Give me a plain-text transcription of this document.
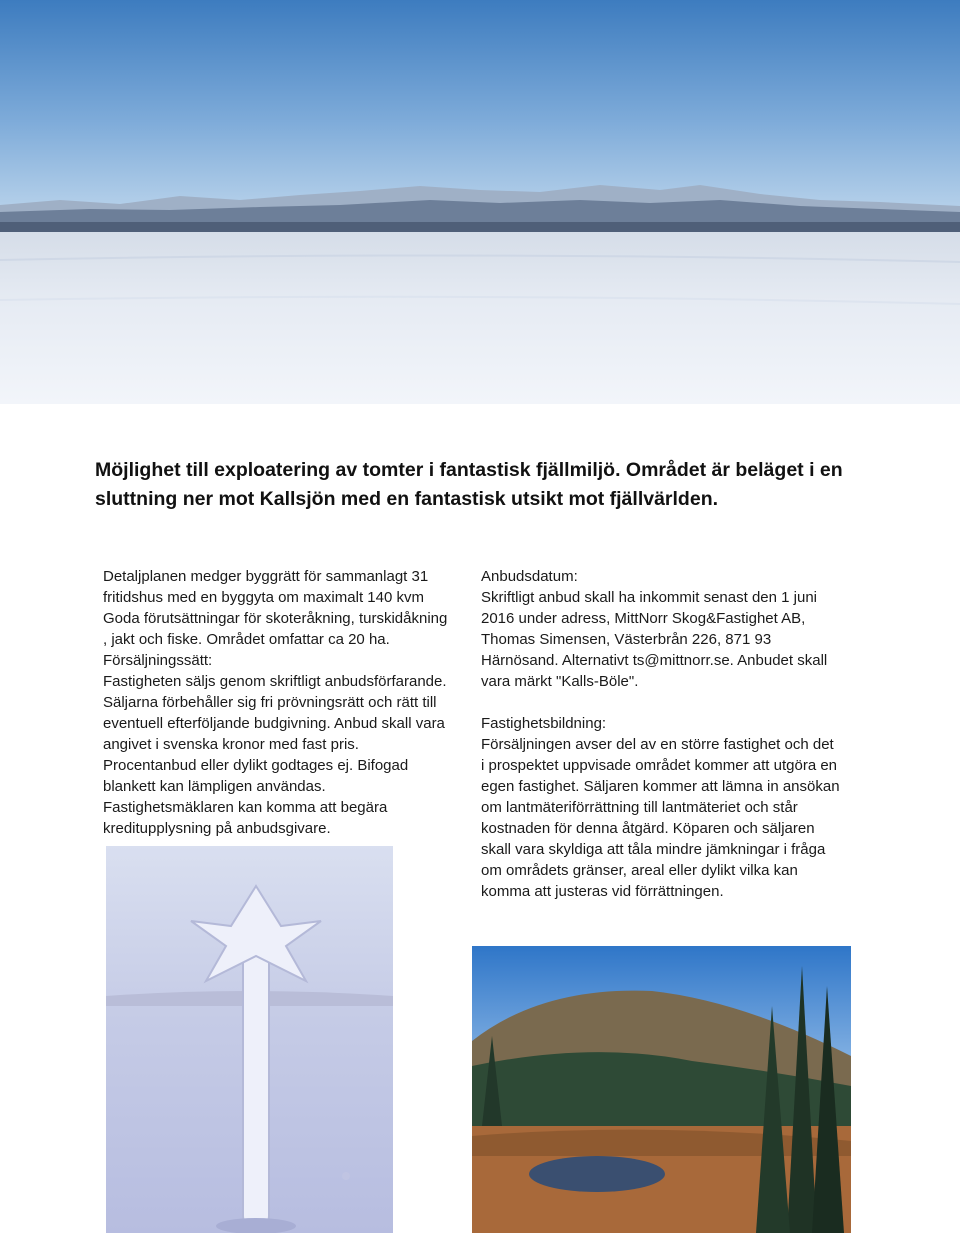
Möjlighet till exploatering av tomter i fantastisk fjällmiljö. Området är beläget i en sluttning ner mot Kallsjön med en fantastisk utsikt mot fjällvärlden.

Detaljplanen medger byggrätt för sammanlagt 31 fritidshus med en byggyta om maximalt 140 kvm Goda förutsättningar för skoteråkning, turskidåkning , jakt och fiske. Området omfattar ca 20 ha.

Försäljningssätt:

Fastigheten säljs genom skriftligt anbudsförfarande. Säljarna förbehåller sig fri prövningsrätt och rätt till eventuell efterföljande budgivning. Anbud skall vara angivet i svenska kronor med fast pris. Procentanbud eller dylikt godtages ej. Bifogad blankett kan lämpligen användas. Fastighetsmäklaren kan komma att begära kreditupplysning på anbudsgivare.

Anbudsdatum:

Skriftligt anbud skall ha inkommit senast den 1 juni 2016 under adress, MittNorr Skog&Fastighet AB, Thomas Simensen, Västerbrån 226, 871 93 Härnösand. Alternativt ts@mittnorr.se. Anbudet skall vara märkt "Kalls-Böle".

Fastighetsbildning:

Försäljningen avser del av en större fastighet och det i prospektet uppvisade området kommer att utgöra en egen fastighet. Säljaren kommer att lämna in ansökan om lantmäteriförrättning till lantmäteriet och står kostnaden för denna åtgärd. Köparen och säljaren skall vara skyldiga att tåla mindre jämkningar i fråga om områdets gränser, areal eller dylikt vilka kan komma att justeras vid förrättningen.
